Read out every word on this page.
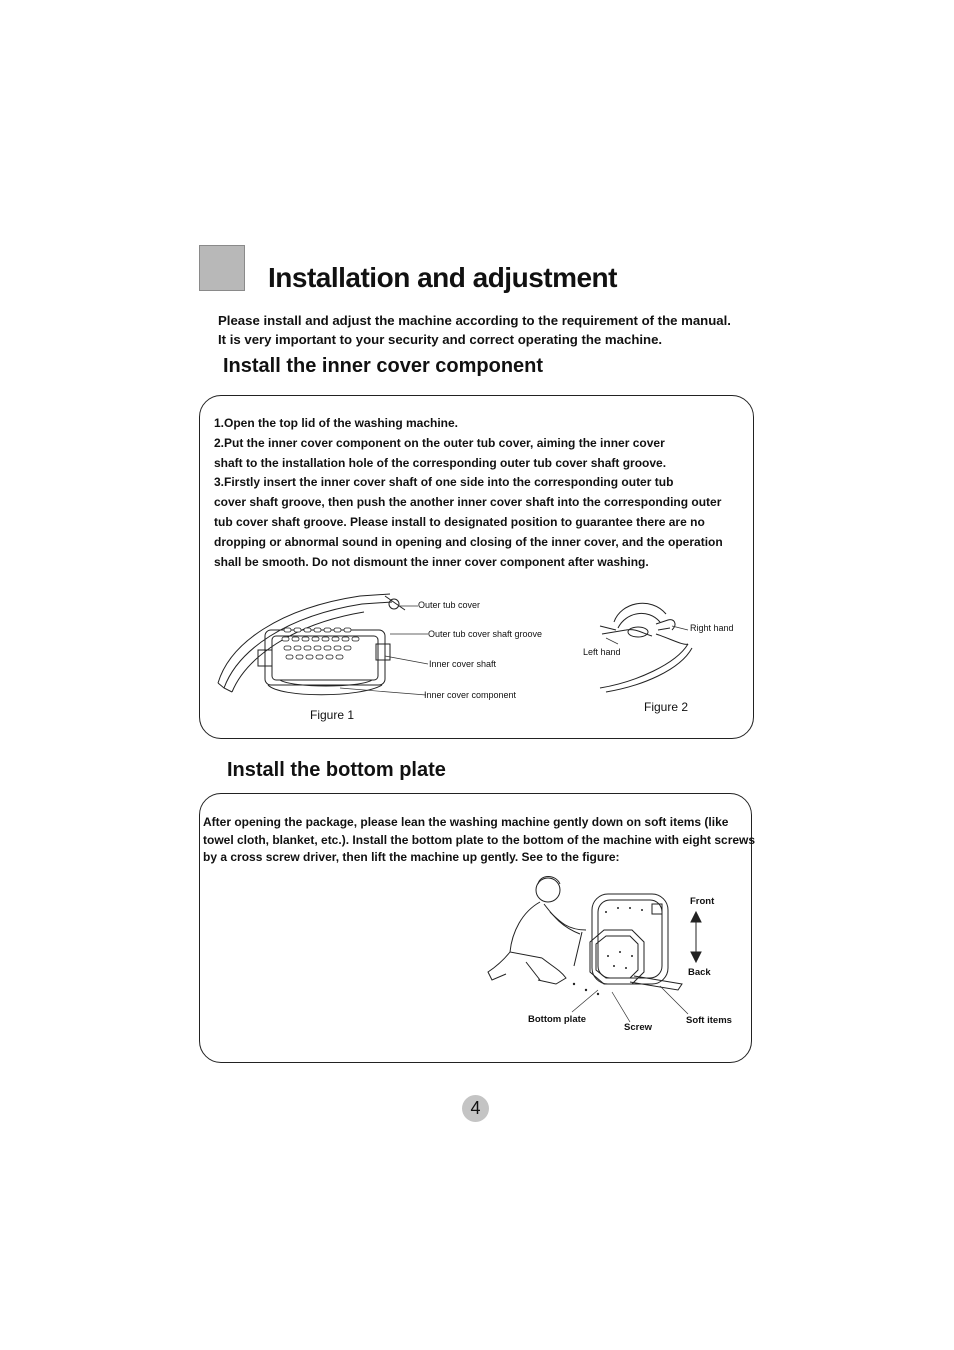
Installation and adjustment
Please install and adjust the machine according to the requirement of the manual.
It is very important to your security and correct operating the machine.
Install the inner cover component
1.Open the top lid of the washing machine.
2.Put the inner cover component on the outer tub cover, aiming the inner cover
shaft to the installation hole of the corresponding outer tub cover shaft groove.
3.Firstly insert the inner cover shaft of one side into the corresponding outer tub
cover shaft groove, then push the another inner cover shaft into the corresponding outer
tub cover shaft groove. Please install to designated position to guarantee there are no
dropping or abnormal sound in opening and closing of the inner cover, and the operation
shall be smooth. Do not dismount the inner cover component after washing.
Outer tub cover
Outer tub cover shaft groove
Inner cover shaft
Inner cover component
Figure 1
Right hand
Left hand
Figure 2
Install the bottom plate
After opening the package, please lean the washing machine gently down on soft items (like
towel cloth, blanket, etc.). Install the bottom plate to the bottom of the machine with eight screws
by a cross screw driver, then lift the machine up gently. See to the figure:
Front
Back
Bottom plate
Screw
Soft items
4
